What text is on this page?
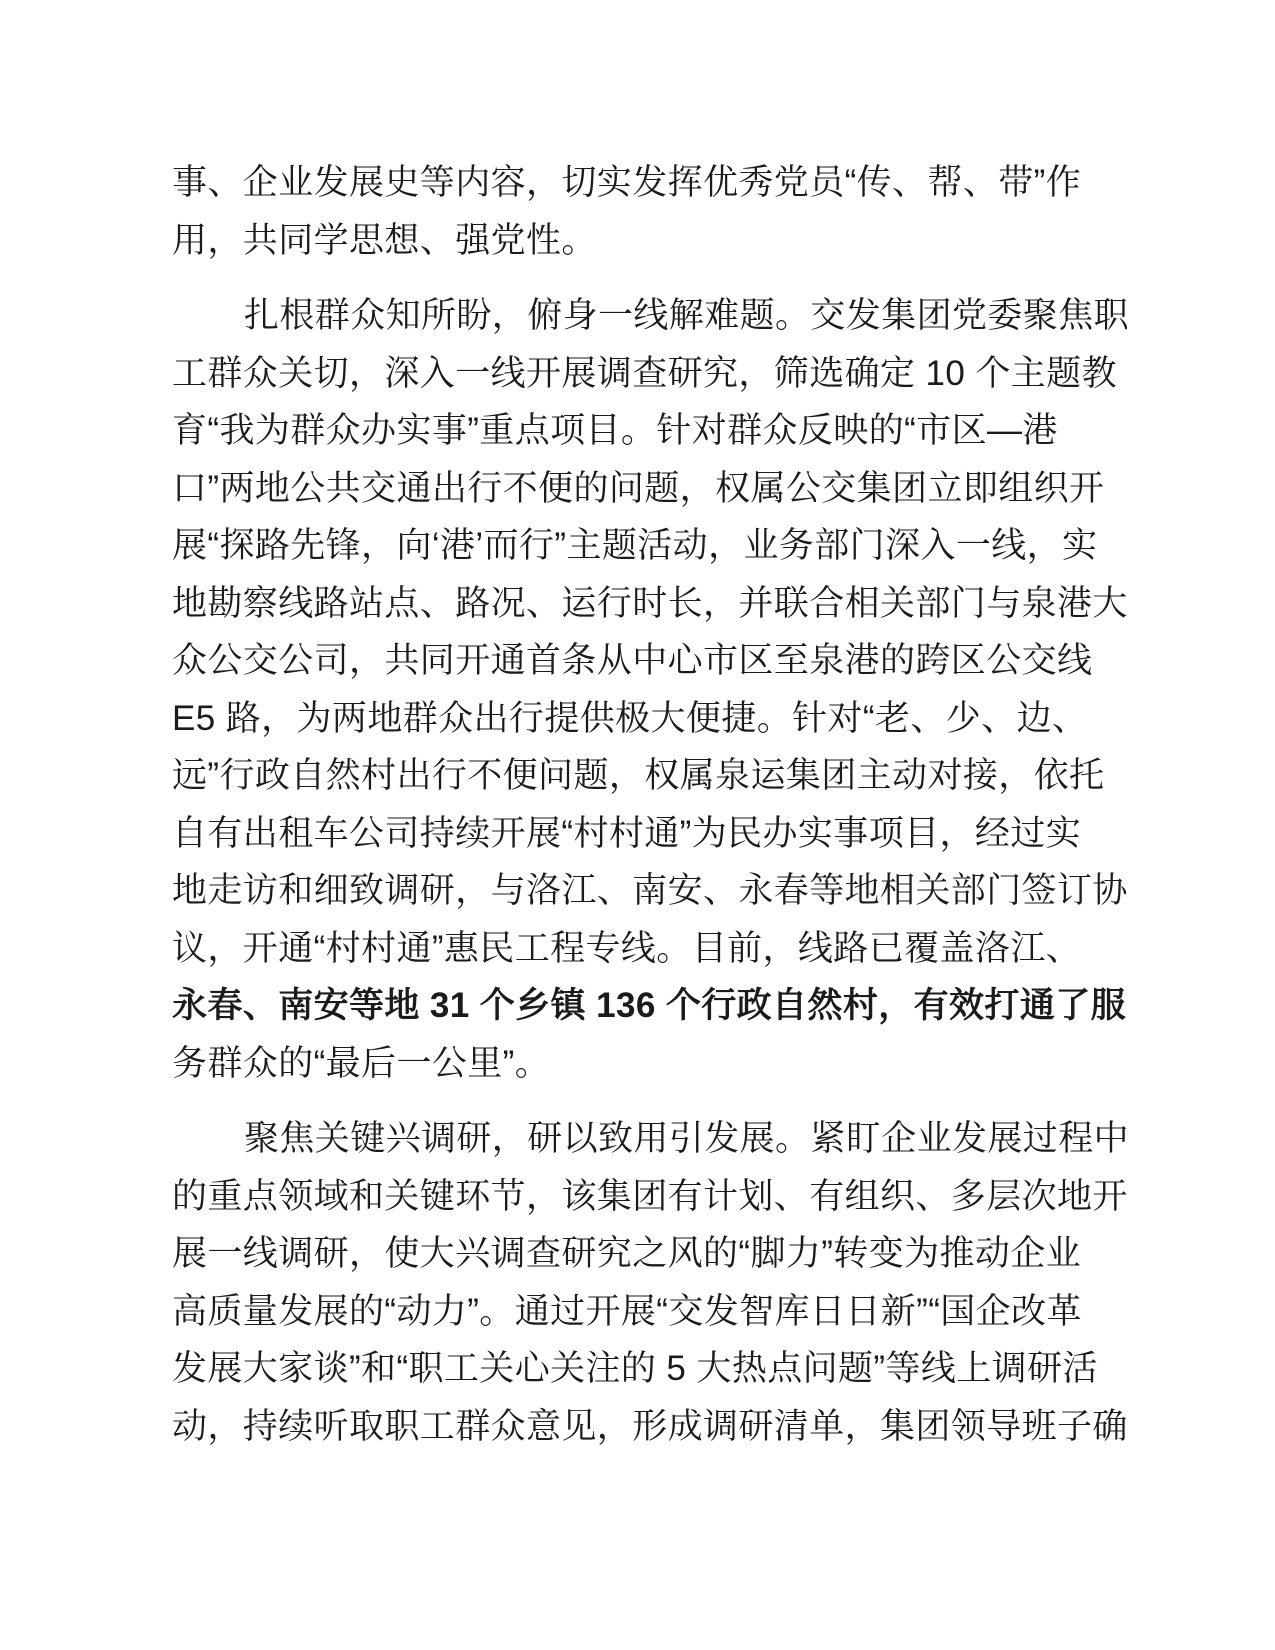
事、企业发展史等内容，切实发挥优秀党员“传、帮、带”作
用，共同学思想、强党性。
扎根群众知所盼，俯身一线解难题。交发集团党委聚焦职
工群众关切，深入一线开展调查研究，筛选确定 10 个主题教
育“我为群众办实事”重点项目。针对群众反映的“市区—港
口”两地公共交通出行不便的问题，权属公交集团立即组织开
展“探路先锋，向‘港’而行”主题活动，业务部门深入一线，实
地勘察线路站点、路况、运行时长，并联合相关部门与泉港大
众公交公司，共同开通首条从中心市区至泉港的跨区公交线
E5 路，为两地群众出行提供极大便捷。针对“老、少、边、
远”行政自然村出行不便问题，权属泉运集团主动对接，依托
自有出租车公司持续开展“村村通”为民办实事项目，经过实
地走访和细致调研，与洛江、南安、永春等地相关部门签订协
议，开通“村村通”惠民工程专线。目前，线路已覆盖洛江、
永春、南安等地 31 个乡镇 136 个行政自然村，有效打通了服
务群众的“最后一公里”。
聚焦关键兴调研，研以致用引发展。紧盯企业发展过程中
的重点领域和关键环节，该集团有计划、有组织、多层次地开
展一线调研，使大兴调查研究之风的“脚力”转变为推动企业
高质量发展的“动力”。通过开展“交发智库日日新”“国企改革
发展大家谈”和“职工关心关注的 5 大热点问题”等线上调研活
动，持续听取职工群众意见，形成调研清单，集团领导班子确
